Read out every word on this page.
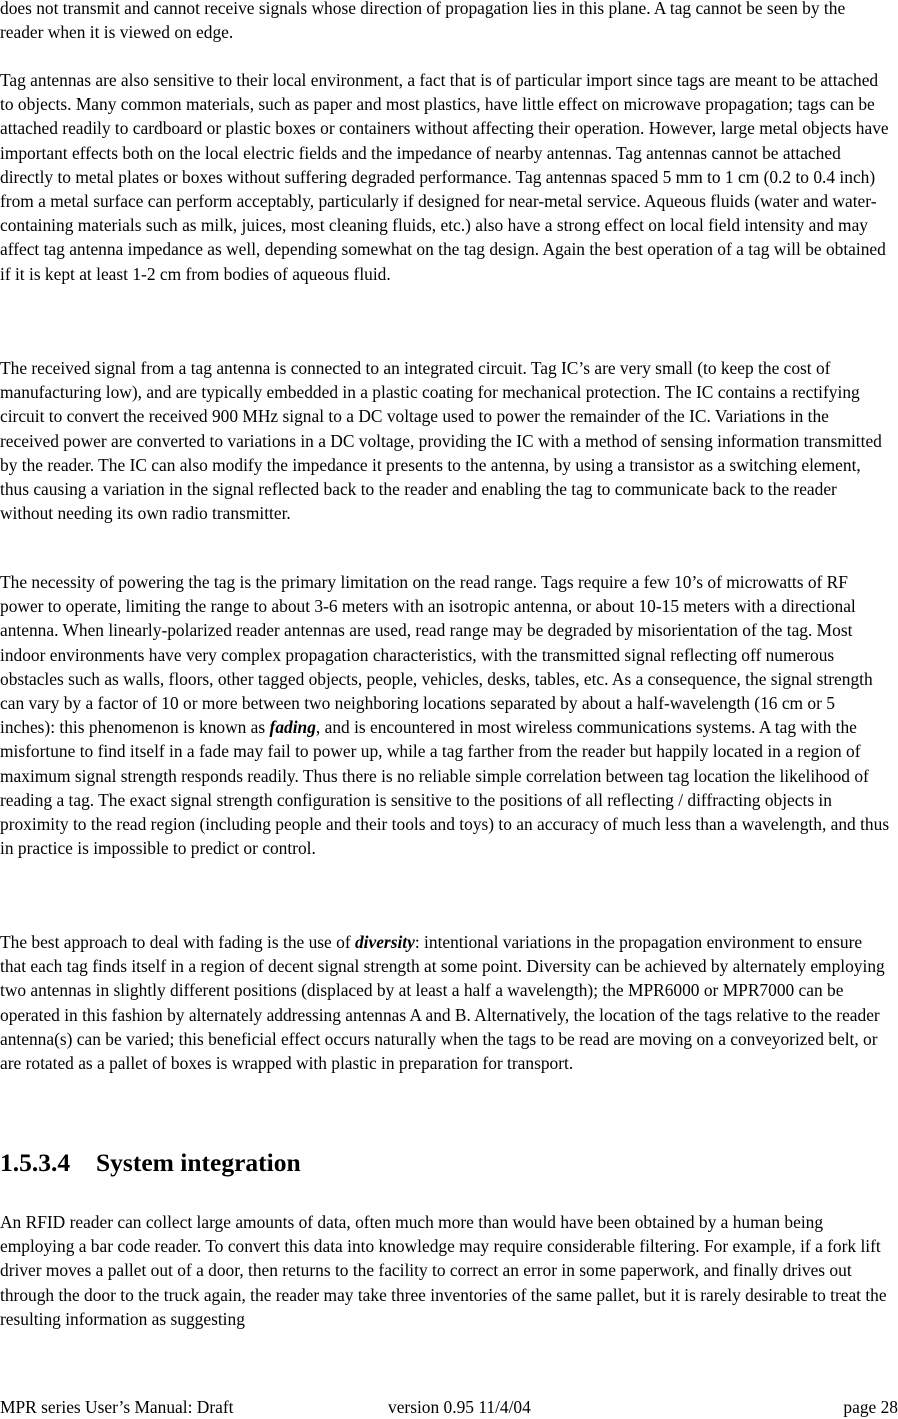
does not transmit and cannot receive signals whose direction of propagation lies in this plane. A tag cannot be seen by the reader when it is viewed on edge.

Tag antennas are also sensitive to their local environment, a fact that is of particular import since tags are meant to be attached to objects. Many common materials, such as paper and most plastics, have little effect on microwave propagation; tags can be attached readily to cardboard or plastic boxes or containers without affecting their operation. However, large metal objects have important effects both on the local electric fields and the impedance of nearby antennas. Tag antennas cannot be attached directly to metal plates or boxes without suffering degraded performance. Tag antennas spaced 5 mm to 1 cm (0.2 to 0.4 inch) from a metal surface can perform acceptably, particularly if designed for near-metal service. Aqueous fluids (water and water-containing materials such as milk, juices, most cleaning fluids, etc.) also have a strong effect on local field intensity and may affect tag antenna impedance as well, depending somewhat on the tag design. Again the best operation of a tag will be obtained if it is kept at least 1-2 cm from bodies of aqueous fluid.

The received signal from a tag antenna is connected to an integrated circuit. Tag IC’s are very small (to keep the cost of manufacturing low), and are typically embedded in a plastic coating for mechanical protection. The IC contains a rectifying circuit to convert the received 900 MHz signal to a DC voltage used to power the remainder of the IC. Variations in the received power are converted to variations in a DC voltage, providing the IC with a method of sensing information transmitted by the reader. The IC can also modify the impedance it presents to the antenna, by using a transistor as a switching element, thus causing a variation in the signal reflected back to the reader and enabling the tag to communicate back to the reader without needing its own radio transmitter.

The necessity of powering the tag is the primary limitation on the read range. Tags require a few 10’s of microwatts of RF power to operate, limiting the range to about 3-6 meters with an isotropic antenna, or about 10-15 meters with a directional antenna. When linearly-polarized reader antennas are used, read range may be degraded by misorientation of the tag. Most indoor environments have very complex propagation characteristics, with the transmitted signal reflecting off numerous obstacles such as walls, floors, other tagged objects, people, vehicles, desks, tables, etc. As a consequence, the signal strength can vary by a factor of 10 or more between two neighboring locations separated by about a half-wavelength (16 cm or 5 inches): this phenomenon is known as fading, and is encountered in most wireless communications systems. A tag with the misfortune to find itself in a fade may fail to power up, while a tag farther from the reader but happily located in a region of maximum signal strength responds readily. Thus there is no reliable simple correlation between tag location the likelihood of reading a tag. The exact signal strength configuration is sensitive to the positions of all reflecting / diffracting objects in proximity to the read region (including people and their tools and toys) to an accuracy of much less than a wavelength, and thus in practice is impossible to predict or control.

The best approach to deal with fading is the use of diversity: intentional variations in the propagation environment to ensure that each tag finds itself in a region of decent signal strength at some point. Diversity can be achieved by alternately employing two antennas in slightly different positions (displaced by at least a half a wavelength); the MPR6000 or MPR7000 can be operated in this fashion by alternately addressing antennas A and B. Alternatively, the location of the tags relative to the reader antenna(s) can be varied; this beneficial effect occurs naturally when the tags to be read are moving on a conveyorized belt, or are rotated as a pallet of boxes is wrapped with plastic in preparation for transport.

1.5.3.4 System integration

An RFID reader can collect large amounts of data, often much more than would have been obtained by a human being employing a bar code reader. To convert this data into knowledge may require considerable filtering. For example, if a fork lift driver moves a pallet out of a door, then returns to the facility to correct an error in some paperwork, and finally drives out through the door to the truck again, the reader may take three inventories of the same pallet, but it is rarely desirable to treat the resulting information as suggesting

MPR series User’s Manual: Draft	version 0.95 11/4/04	page 28
